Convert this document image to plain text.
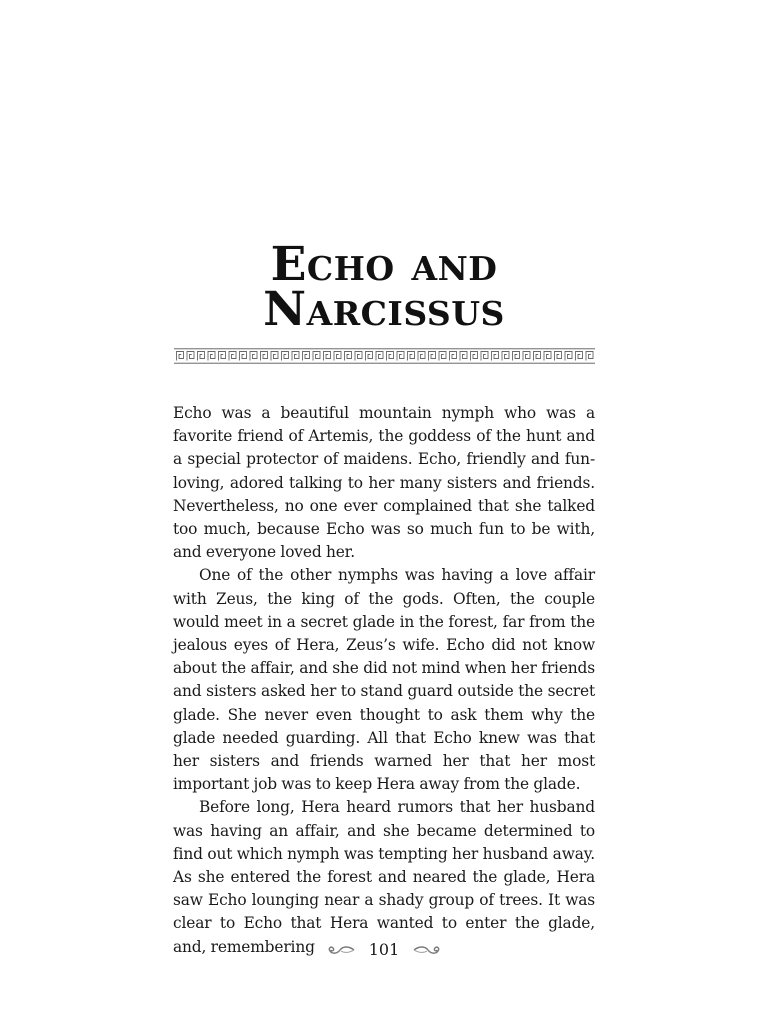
Echo and
Narcissus

Echo was a beautiful mountain nymph who was a favorite friend of Artemis, the goddess of the hunt and a special protector of maidens. Echo, friendly and fun-loving, adored talking to her many sisters and friends. Nevertheless, no one ever complained that she talked too much, because Echo was so much fun to be with, and everyone loved her.

One of the other nymphs was having a love affair with Zeus, the king of the gods. Often, the couple would meet in a secret glade in the forest, far from the jealous eyes of Hera, Zeus’s wife. Echo did not know about the affair, and she did not mind when her friends and sisters asked her to stand guard outside the secret glade. She never even thought to ask them why the glade needed guarding. All that Echo knew was that her sisters and friends warned her that her most important job was to keep Hera away from the glade.

Before long, Hera heard rumors that her husband was having an affair, and she became determined to find out which nymph was tempting her husband away. As she entered the forest and neared the glade, Hera saw Echo lounging near a shady group of trees. It was clear to Echo that Hera wanted to enter the glade, and, remembering	101
